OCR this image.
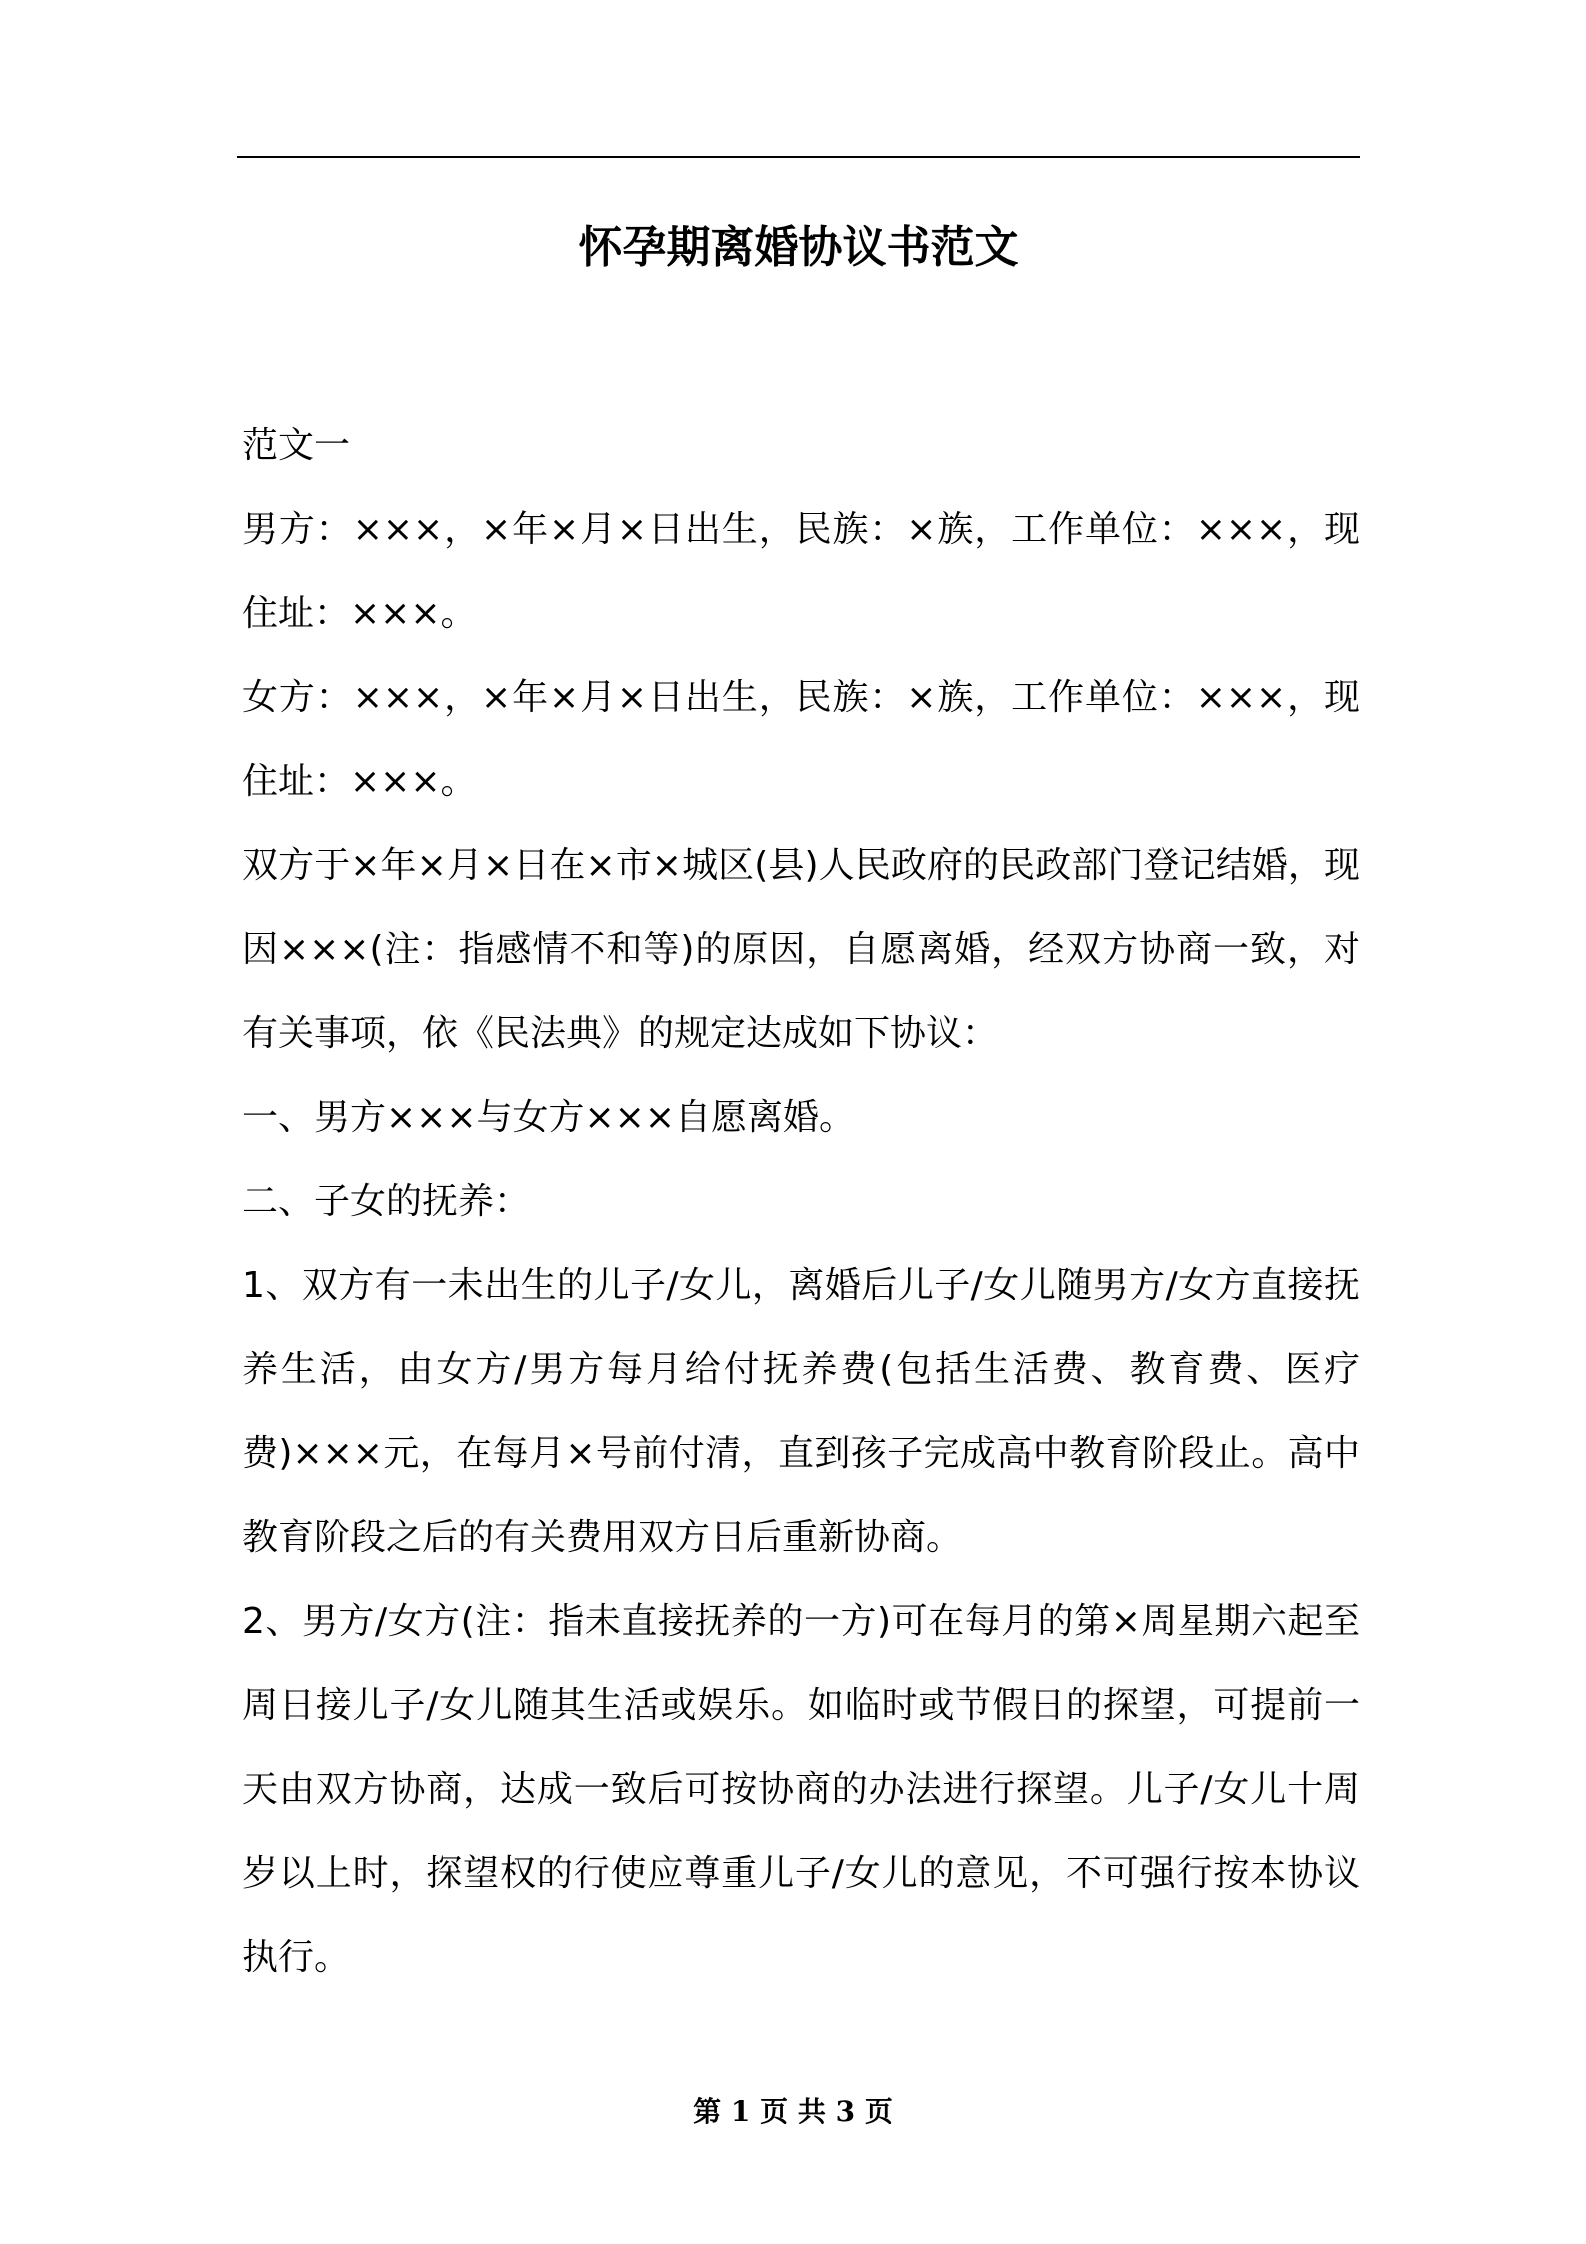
怀孕期离婚协议书范文

范文一

男方：×××，×年×月×日出生，民族：×族，工作单位：×××，现住址：×××。

女方：×××，×年×月×日出生，民族：×族，工作单位：×××，现住址：×××。

双方于×年×月×日在×市×城区(县)人民政府的民政部门登记结婚，现因×××(注：指感情不和等)的原因，自愿离婚，经双方协商一致，对有关事项，依《民法典》的规定达成如下协议：

一、男方×××与女方×××自愿离婚。

二、子女的抚养：

1、双方有一未出生的儿子/女儿，离婚后儿子/女儿随男方/女方直接抚养生活，由女方/男方每月给付抚养费(包括生活费、教育费、医疗费)×××元，在每月×号前付清，直到孩子完成高中教育阶段止。高中教育阶段之后的有关费用双方日后重新协商。

2、男方/女方(注：指未直接抚养的一方)可在每月的第×周星期六起至周日接儿子/女儿随其生活或娱乐。如临时或节假日的探望，可提前一天由双方协商，达成一致后可按协商的办法进行探望。儿子/女儿十周岁以上时，探望权的行使应尊重儿子/女儿的意见，不可强行按本协议执行。

第 1 页 共 3 页
